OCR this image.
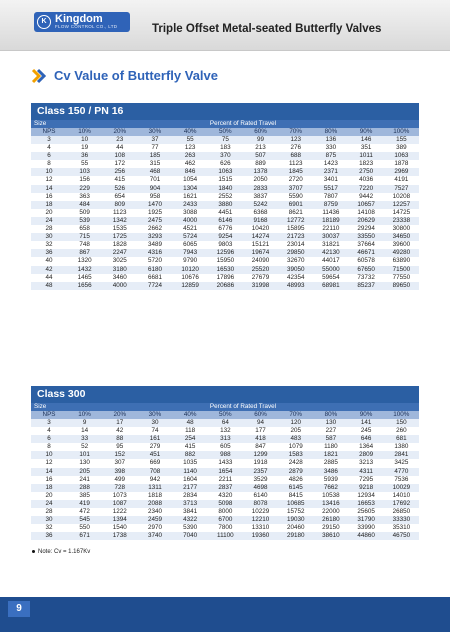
K Kingdom
FLOW CONTROL CO., LTD	Triple Offset Metal-seated Butterfly Valves
Cv Value of Butterfly Valve
Class 150 / PN 16
Size	Percent of Rated Travel									
NPS	10%	20%	30%	40%	50%	60%	70%	80%	90%	100%
3	10	23	37	55	75	99	123	136	146	155
4	19	44	77	123	183	213	276	330	351	389
6	36	108	185	263	370	507	688	875	1011	1063
8	55	172	315	462	626	889	1123	1423	1823	1878
10	103	256	468	846	1063	1378	1845	2371	2750	2969
12	156	415	701	1054	1515	2050	2720	3401	4036	4191
14	229	526	904	1304	1840	2833	3707	5517	7220	7527
16	363	654	958	1621	2552	3837	5590	7807	9442	10208
18	484	809	1470	2433	3880	5242	6901	8759	10657	12257
20	509	1123	1925	3088	4451	6368	8621	11436	14108	14725
24	539	1342	2475	4000	6146	9168	12772	18189	20629	23338
28	658	1535	2662	4521	6776	10420	15895	22110	29294	30800
30	715	1725	3293	5724	9254	14274	21723	30037	33550	34650
32	748	1828	3489	6065	9803	15121	23014	31821	37664	39600
36	867	2247	4316	7943	12596	19674	29850	42130	46671	49280
40	1320	3025	5720	9790	15950	24090	32670	44017	60578	63890
42	1432	3180	6180	10120	16530	25520	39050	55000	67650	71500
44	1465	3460	6681	10676	17896	27679	42354	59654	73732	77550
48	1656	4000	7724	12859	20686	31998	48993	68981	85237	89650
Class 300
Size	Percent of Rated Travel									
NPS	10%	20%	30%	40%	50%	60%	70%	80%	90%	100%
3	9	17	30	48	64	94	120	130	141	150
4	14	42	74	118	132	177	205	227	245	260
6	33	88	161	254	313	418	483	587	646	681
8	52	95	279	415	605	847	1079	1180	1364	1380
10	101	152	451	882	988	1299	1583	1821	2809	2841
12	130	307	669	1035	1433	1918	2428	2885	3213	3425
14	205	398	708	1140	1654	2357	2879	3486	4311	4770
16	241	499	942	1604	2211	3529	4826	5939	7295	7536
18	288	728	1311	2177	2837	4698	6145	7662	9218	10029
20	385	1073	1818	2834	4320	6140	8415	10538	12934	14010
24	419	1087	2088	3713	5098	8078	10685	13416	16653	17692
28	472	1222	2340	3841	8000	10229	15752	22000	25605	26850
30	545	1394	2459	4322	6700	12210	19030	26180	31790	33330
32	550	1540	2970	5390	7800	13310	20460	29150	33990	35310
36	671	1738	3740	7040	11100	19360	29180	38610	44860	46750
Note: Cv = 1.167Kv
9
